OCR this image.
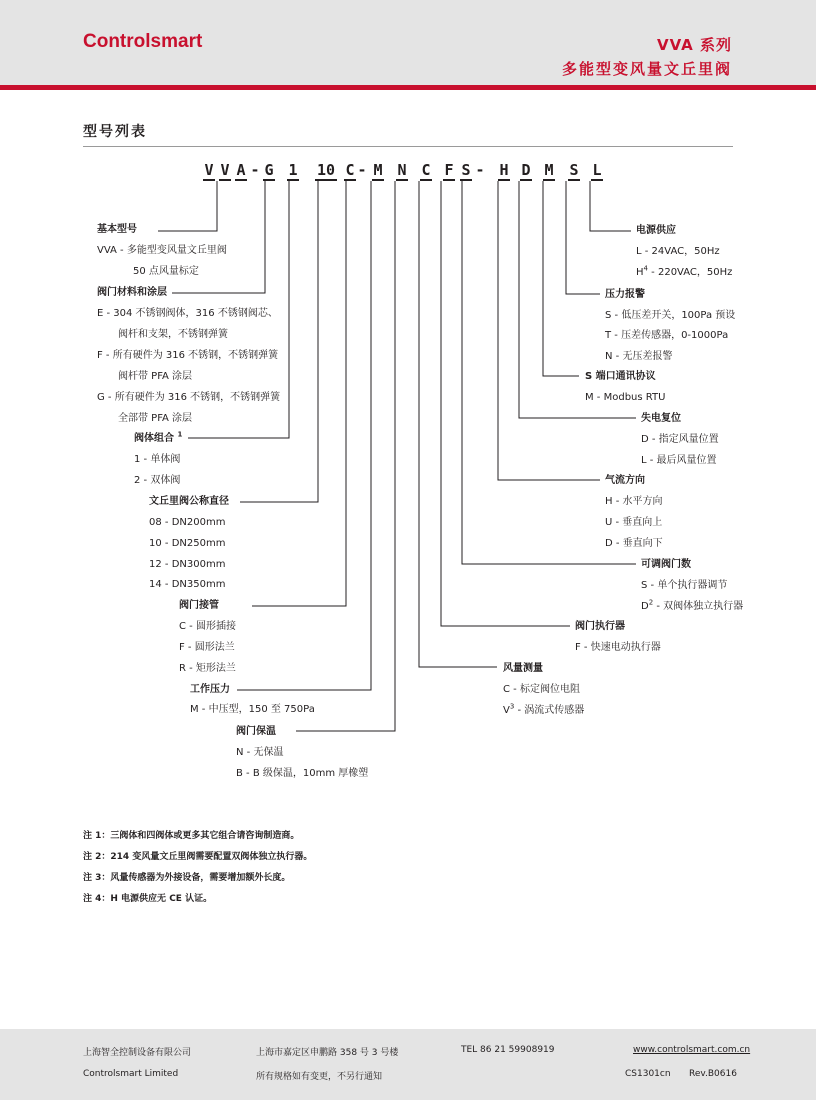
Controlsmart	VVA 系列
多能型变风量文丘里阀
型号列表
V V A - G 1 10 C - M N C F S - H D M S L
基本型号
VVA - 多能型变风量文丘里阀
50 点风量标定
阀门材料和涂层
E - 304 不锈钢阀体，316 不锈钢阀芯、
阀杆和支架，不锈钢弹簧
F - 所有硬件为 316 不锈钢，不锈钢弹簧
阀杆带 PFA 涂层
G - 所有硬件为 316 不锈钢，不锈钢弹簧
全部带 PFA 涂层
阀体组合 $^1$
1 - 单体阀
2 - 双体阀
文丘里阀公称直径
08 - DN200mm
10 - DN250mm
12 - DN300mm
14 - DN350mm
阀门接管
C - 圆形插接
F - 圆形法兰
R - 矩形法兰
工作压力
M - 中压型，150 至 750Pa
阀门保温
N - 无保温
B - B 级保温，10mm 厚橡塑
电源供应
L - 24VAC，50Hz
$H^4 - 220VAC$，50Hz
压力报警
S - 低压差开关，100Pa 预设
T - 压差传感器，0-1000Pa
N - 无压差报警
S 端口通讯协议
M - Modbus RTU
失电复位
D - 指定风量位置
L - 最后风量位置
气流方向
H - 水平方向
U - 垂直向上
D - 垂直向下
可调阀门数
S - 单个执行器调节
$D^2$ - 双阀体独立执行器
阀门执行器
F - 快速电动执行器
风量测量
C - 标定阀位电阻
$V^3$ - 涡流式传感器
注 1：三阀体和四阀体或更多其它组合请咨询制造商。
注 2：214 变风量文丘里阀需要配置双阀体独立执行器。
注 3：风量传感器为外接设备，需要增加额外长度。
注 4：H 电源供应无 CE 认证。
上海智全控制设备有限公司	上海市嘉定区申鹏路 358 号 3 号楼	TEL 86 21 59908919	www.controlsmart.com.cn
Controlsmart Limited	所有规格如有变更，不另行通知	CS1301cn Rev.B0616
